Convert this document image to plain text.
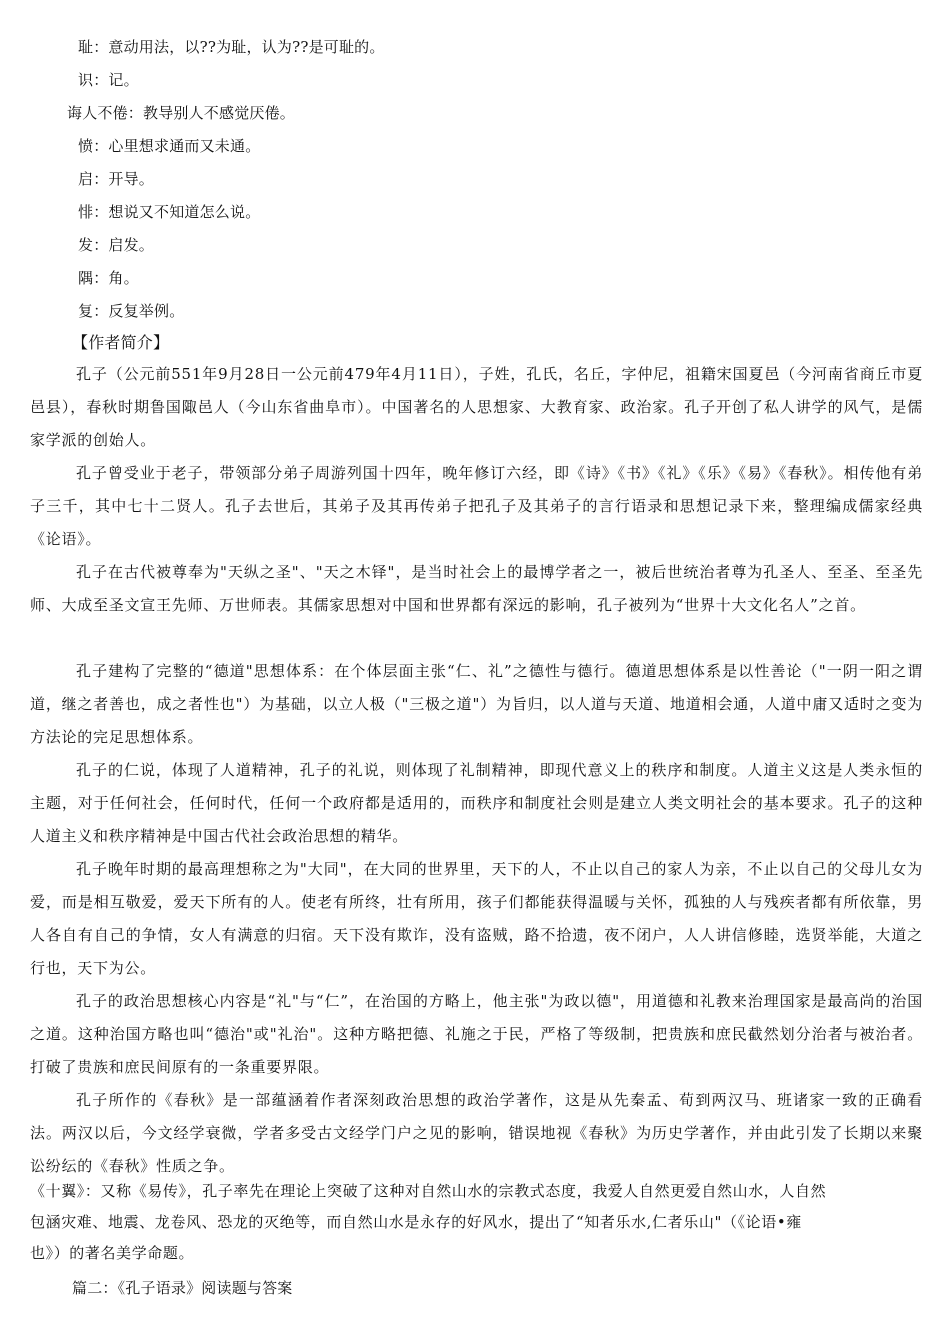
耻：意动用法，以??为耻，认为??是可耻的。
识：记。
诲人不倦：教导别人不感觉厌倦。
愤：心里想求通而又未通。
启：开导。
悱：想说又不知道怎么说。
发：启发。
隅：角。
复：反复举例。
【作者简介】
孔子（公元前551年9月28日一公元前479年4月11日），子姓，孔氏，名丘，字仲尼，祖籍宋国夏邑（今河南省商丘市夏邑县），春秋时期鲁国陬邑人（今山东省曲阜市）。中国著名的人思想家、大教育家、政治家。孔子开创了私人讲学的风气，是儒家学派的创始人。
孔子曾受业于老子，带领部分弟子周游列国十四年，晚年修订六经，即《诗》《书》《礼》《乐》《易》《春秋》。相传他有弟子三千，其中七十二贤人。孔子去世后，其弟子及其再传弟子把孔子及其弟子的言行语录和思想记录下来，整理编成儒家经典《论语》。
孔子在古代被尊奉为"天纵之圣"、"天之木铎"，是当时社会上的最博学者之一，被后世统治者尊为孔圣人、至圣、至圣先师、大成至圣文宣王先师、万世师表。其儒家思想对中国和世界都有深远的影响，孔子被列为“世界十大文化名人”之首。
孔子建构了完整的“德道"思想体系：在个体层面主张“仁、礼”之德性与德行。德道思想体系是以性善论（"一阴一阳之谓道，继之者善也，成之者性也"）为基础，以立人极（"三极之道"）为旨归，以人道与天道、地道相会通，人道中庸又适时之变为方法论的完足思想体系。
孔子的仁说，体现了人道精神，孔子的礼说，则体现了礼制精神，即现代意义上的秩序和制度。人道主义这是人类永恒的主题，对于任何社会，任何时代，任何一个政府都是适用的，而秩序和制度社会则是建立人类文明社会的基本要求。孔子的这种人道主义和秩序精神是中国古代社会政治思想的精华。
孔子晚年时期的最高理想称之为"大同"，在大同的世界里，天下的人，不止以自己的家人为亲，不止以自己的父母儿女为爱，而是相互敬爱，爱天下所有的人。使老有所终，壮有所用，孩子们都能获得温暖与关怀，孤独的人与残疾者都有所依靠，男人各自有自己的争情，女人有满意的归宿。天下没有欺诈，没有盗贼，路不拾遗，夜不闭户，人人讲信修睦，选贤举能，大道之行也，天下为公。
孔子的政治思想核心内容是“礼"与“仁”，在治国的方略上，他主张"为政以德"，用道德和礼教来治理国家是最高尚的治国之道。这种治国方略也叫“德治"或"礼治"。这种方略把德、礼施之于民，严格了等级制，把贵族和庶民截然划分治者与被治者。打破了贵族和庶民间原有的一条重要界限。
孔子所作的《春秋》是一部蕴涵着作者深刻政治思想的政治学著作，这是从先秦孟、荀到两汉马、班诸家一致的正确看法。两汉以后，今文经学衰微，学者多受古文经学门户之见的影响，错误地视《春秋》为历史学著作，并由此引发了长期以来聚讼纷纭的《春秋》性质之争。
《十翼》：又称《易传》，孔子率先在理论上突破了这种对自然山水的宗教式态度，我爱人自然更爱自然山水，人自然
包涵灾难、地震、龙卷风、恐龙的灭绝等，而自然山水是永存的好风水，提出了“知者乐水,仁者乐山"（《论语•雍
也》）的著名美学命题。
篇二：《孔子语录》阅读题与答案
